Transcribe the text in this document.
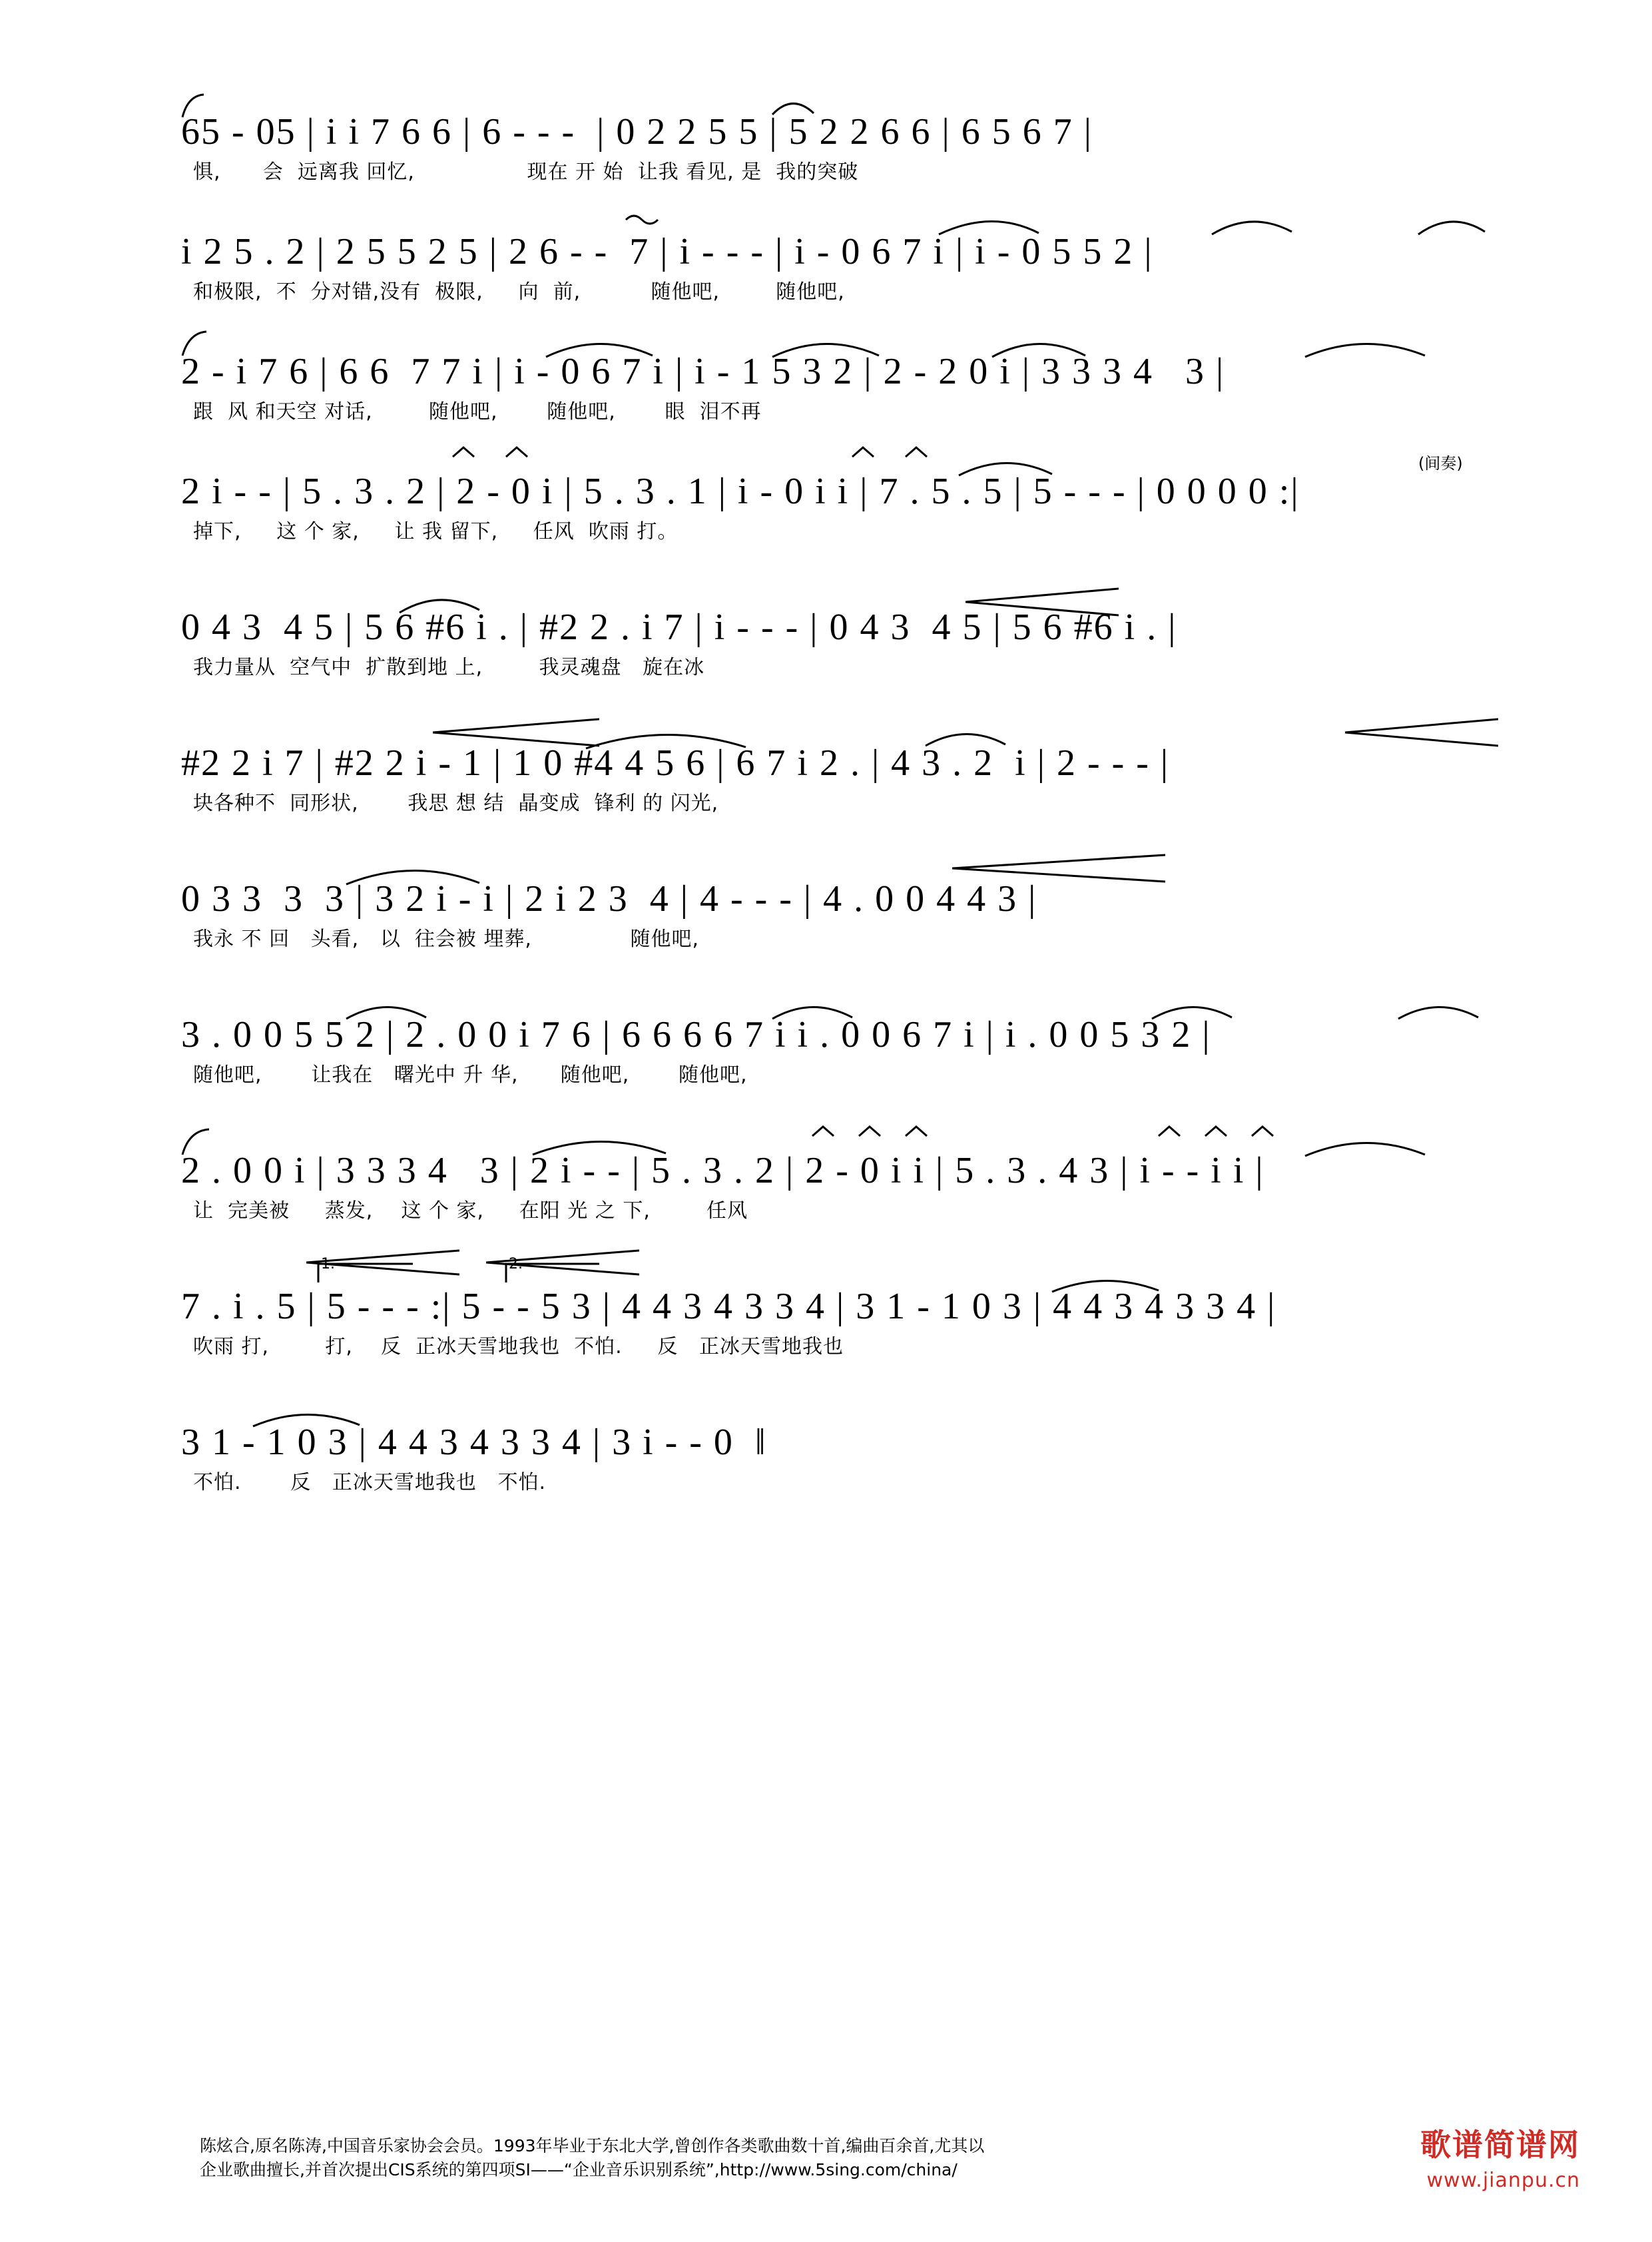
65 - 05 | i i 7 6 6 | 6 - - -  | 0 2 2 5 5 | 5 2 2 6 6 | 6 5 6 7 |
惧,      会  远离我 回忆,                现在 开 始  让我 看见, 是  我的突破
i 2 5 . 2 | 2 5 5 2 5 | 2 6 - -  7 | i - - - | i - 0 6 7 i | i - 0 5 5 2 |
和极限,  不  分对错,没有  极限,     向  前,          随他吧,        随他吧,
2 - i 7 6 | 6 6  7 7 i | i - 0 6 7 i | i - 1 5 3 2 | 2 - 2 0 i | 3 3 3 4   3 |
跟  风 和天空 对话,        随他吧,       随他吧,       眼  泪不再
(间奏)
2 i - - | 5 . 3 . 2 | 2 - 0 i | 5 . 3 . 1 | i - 0 i i | 7 . 5 . 5 | 5 - - - | 0 0 0 0 :|
掉下,     这 个 家,     让 我 留下,     任风  吹雨 打。
0 4 3  4 5 | 5 6 #6 i . | #2 2 . i 7 | i - - - | 0 4 3  4 5 | 5 6 #6 i . |
我力量从  空气中  扩散到地 上,        我灵魂盘   旋在冰
#2 2 i 7 | #2 2 i - 1 | 1 0 #4 4 5 6 | 6 7 i 2 . | 4 3 . 2  i | 2 - - - |
块各种不  同形状,       我思 想 结  晶变成  锋利 的 闪光,
0 3 3  3  3 | 3 2 i - i | 2 i 2 3  4 | 4 - - - | 4 . 0 0 4 4 3 |
我永 不 回   头看,   以  往会被 埋葬,              随他吧,
3 . 0 0 5 5 2 | 2 . 0 0 i 7 6 | 6 6 6 6 7 i i . 0 0 6 7 i | i . 0 0 5 3 2 |
随他吧,       让我在   曙光中 升 华,      随他吧,       随他吧,
2 . 0 0 i | 3 3 3 4   3 | 2 i - - | 5 . 3 . 2 | 2 - 0 i i | 5 . 3 . 4 3 | i - - i i |
让  完美被     蒸发,    这 个 家,     在阳 光 之 下,        任风
1.	2.
7 . i . 5 | 5 - - - :| 5 - - 5 3 | 4 4 3 4 3 3 4 | 3 1 - 1 0 3 | 4 4 3 4 3 3 4 |
吹雨 打,        打,    反  正冰天雪地我也  不怕.     反   正冰天雪地我也
3 1 - 1 0 3 | 4 4 3 4 3 3 4 | 3 i - - 0  ‖
不怕.       反   正冰天雪地我也   不怕.
陈炫合,原名陈涛,中国音乐家协会会员。1993年毕业于东北大学,曾创作各类歌曲数十首,编曲百余首,尤其以
企业歌曲擅长,并首次提出CIS系统的第四项SI——“企业音乐识别系统”,http://www.5sing.com/china/
歌谱简谱网
www.jianpu.cn
